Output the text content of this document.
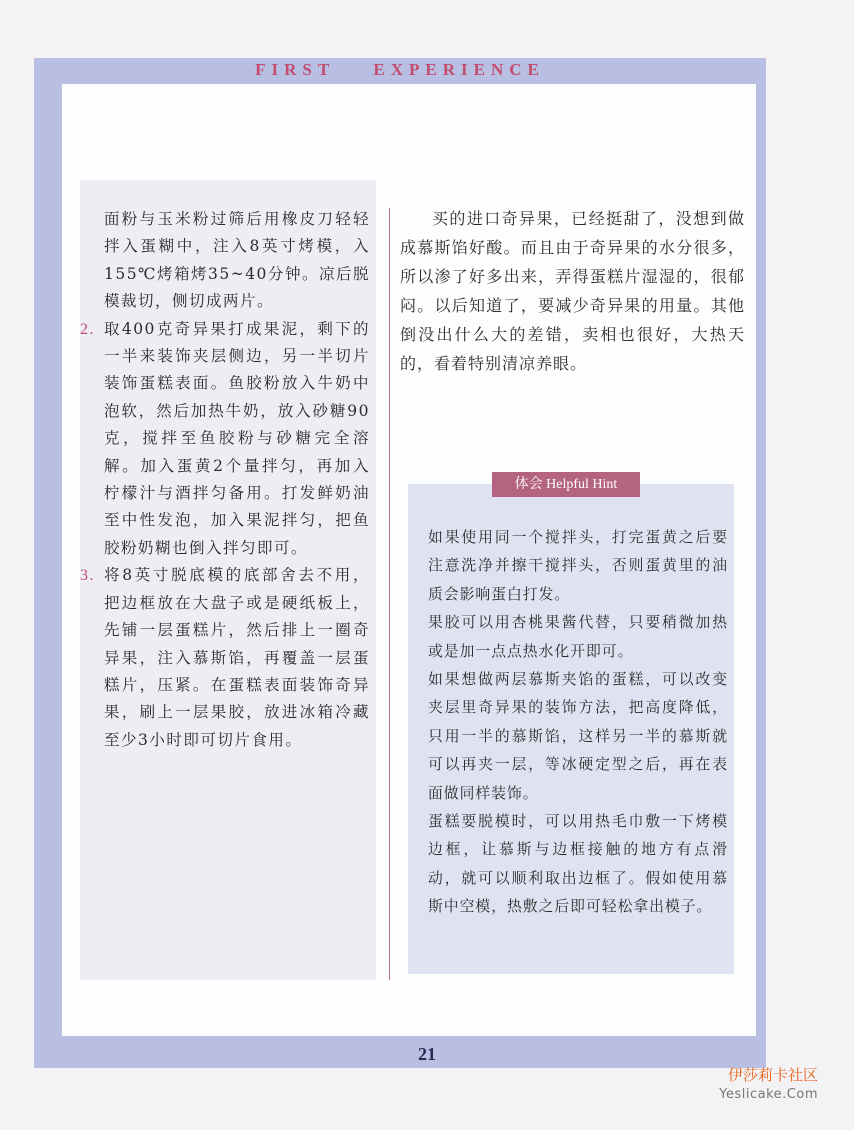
FIRST EXPERIENCE

面粉与玉米粉过筛后用橡皮刀轻轻拌入蛋糊中，注入8英寸烤模，入155℃烤箱烤35~40分钟。凉后脱模裁切，侧切成两片。

2. 取400克奇异果打成果泥，剩下的一半来装饰夹层侧边，另一半切片装饰蛋糕表面。鱼胶粉放入牛奶中泡软，然后加热牛奶，放入砂糖90克，搅拌至鱼胶粉与砂糖完全溶解。加入蛋黄2个量拌匀，再加入柠檬汁与酒拌匀备用。打发鲜奶油至中性发泡，加入果泥拌匀，把鱼胶粉奶糊也倒入拌匀即可。
3. 将8英寸脱底模的底部舍去不用，把边框放在大盘子或是硬纸板上，先铺一层蛋糕片，然后排上一圈奇异果，注入慕斯馅，再覆盖一层蛋糕片，压紧。在蛋糕表面装饰奇异果，刷上一层果胶，放进冰箱冷藏至少3小时即可切片食用。

买的进口奇异果，已经挺甜了，没想到做成慕斯馅好酸。而且由于奇异果的水分很多，所以渗了好多出来，弄得蛋糕片湿湿的，很郁闷。以后知道了，要减少奇异果的用量。其他倒没出什么大的差错，卖相也很好，大热天的，看着特别清凉养眼。

体会 Helpful Hint

如果使用同一个搅拌头，打完蛋黄之后要注意洗净并擦干搅拌头，否则蛋黄里的油质会影响蛋白打发。

果胶可以用杏桃果酱代替，只要稍微加热或是加一点点热水化开即可。

如果想做两层慕斯夹馅的蛋糕，可以改变夹层里奇异果的装饰方法，把高度降低，只用一半的慕斯馅，这样另一半的慕斯就可以再夹一层，等冰硬定型之后，再在表面做同样装饰。

蛋糕要脱模时，可以用热毛巾敷一下烤模边框，让慕斯与边框接触的地方有点滑动，就可以顺利取出边框了。假如使用慕斯中空模，热敷之后即可轻松拿出模子。

21
伊莎莉卡社区
Yeslicake.Com
